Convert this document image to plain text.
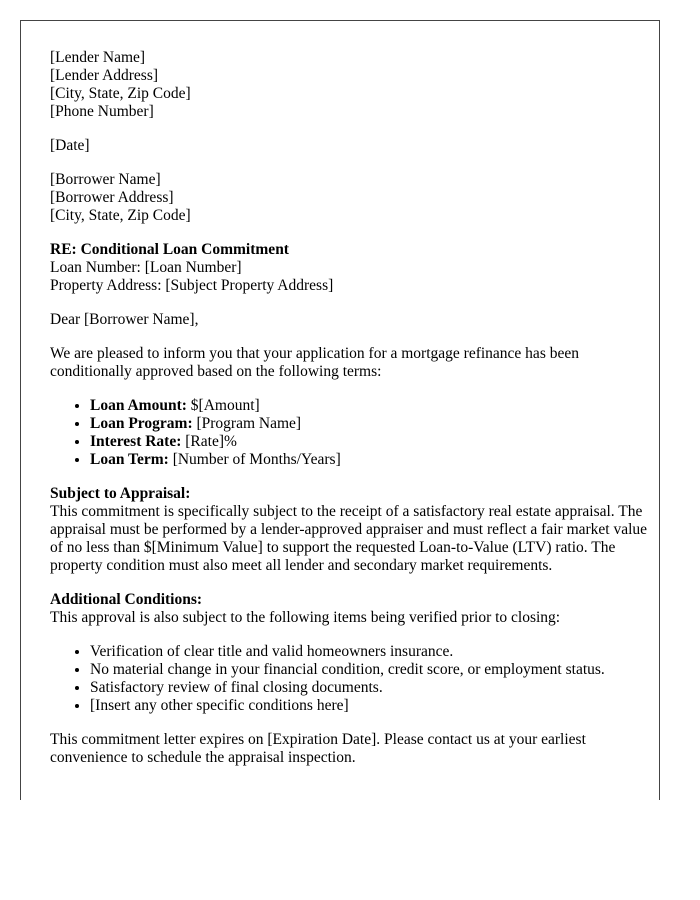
[Lender Name]
[Lender Address]
[City, State, Zip Code]
[Phone Number]
[Date]
[Borrower Name]
[Borrower Address]
[City, State, Zip Code]
RE: Conditional Loan Commitment
Loan Number: [Loan Number]
Property Address: [Subject Property Address]

Dear [Borrower Name],

We are pleased to inform you that your application for a mortgage refinance has been conditionally approved based on the following terms:

• Loan Amount: $[Amount]
• Loan Program: [Program Name]
• Interest Rate: [Rate]%
• Loan Term: [Number of Months/Years]
Subject to Appraisal:
This commitment is specifically subject to the receipt of a satisfactory real estate appraisal. The appraisal must be performed by a lender-approved appraiser and must reflect a fair market value of no less than $[Minimum Value] to support the requested Loan-to-Value (LTV) ratio. The property condition must also meet all lender and secondary market requirements.
Additional Conditions:
This approval is also subject to the following items being verified prior to closing:
• Verification of clear title and valid homeowners insurance.
• No material change in your financial condition, credit score, or employment status.
• Satisfactory review of final closing documents.
• [Insert any other specific conditions here]

This commitment letter expires on [Expiration Date]. Please contact us at your earliest convenience to schedule the appraisal inspection.
